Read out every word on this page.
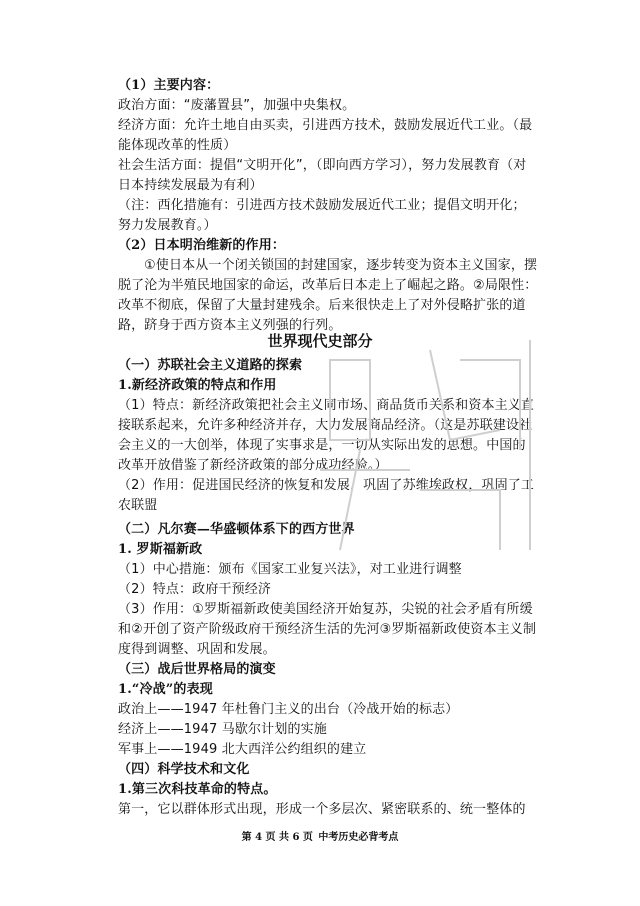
（1）主要内容：

政治方面：“废藩置县”，加强中央集权。

经济方面：允许土地自由买卖，引进西方技术，鼓励发展近代工业。（最能体现改革的性质）

社会生活方面：提倡“文明开化”，（即向西方学习），努力发展教育（对日本持续发展最为有利）

（注：西化措施有：引进西方技术鼓励发展近代工业；提倡文明开化；努力发展教育。）

（2）日本明治维新的作用：

①使日本从一个闭关锁国的封建国家，逐步转变为资本主义国家，摆脱了沦为半殖民地国家的命运，改革后日本走上了崛起之路。②局限性：改革不彻底，保留了大量封建残余。后来很快走上了对外侵略扩张的道路，跻身于西方资本主义列强的行列。

世界现代史部分

（一）苏联社会主义道路的探索

1.新经济政策的特点和作用

（1）特点：新经济政策把社会主义同市场、商品货币关系和资本主义直接联系起来，允许多种经济并存，大力发展商品经济。（这是苏联建设社会主义的一大创举，体现了实事求是，一切从实际出发的思想。中国的改革开放借鉴了新经济政策的部分成功经验。）

（2）作用：促进国民经济的恢复和发展，巩固了苏维埃政权，巩固了工农联盟

（二）凡尔赛—华盛顿体系下的西方世界

1. 罗斯福新政

（1）中心措施：颁布《国家工业复兴法》，对工业进行调整

（2）特点：政府干预经济

（3）作用：①罗斯福新政使美国经济开始复苏，尖锐的社会矛盾有所缓和②开创了资产阶级政府干预经济生活的先河③罗斯福新政使资本主义制度得到调整、巩固和发展。

（三）战后世界格局的演变

1.“冷战”的表现

政治上——1947 年杜鲁门主义的出台（冷战开始的标志）

经济上——1947 马歇尔计划的实施

军事上——1949 北大西洋公约组织的建立

（四）科学技术和文化

1.第三次科技革命的特点。

第一，它以群体形式出现，形成一个多层次、紧密联系的、统一整体的

第 4 页 共 6 页 中考历史必背考点
